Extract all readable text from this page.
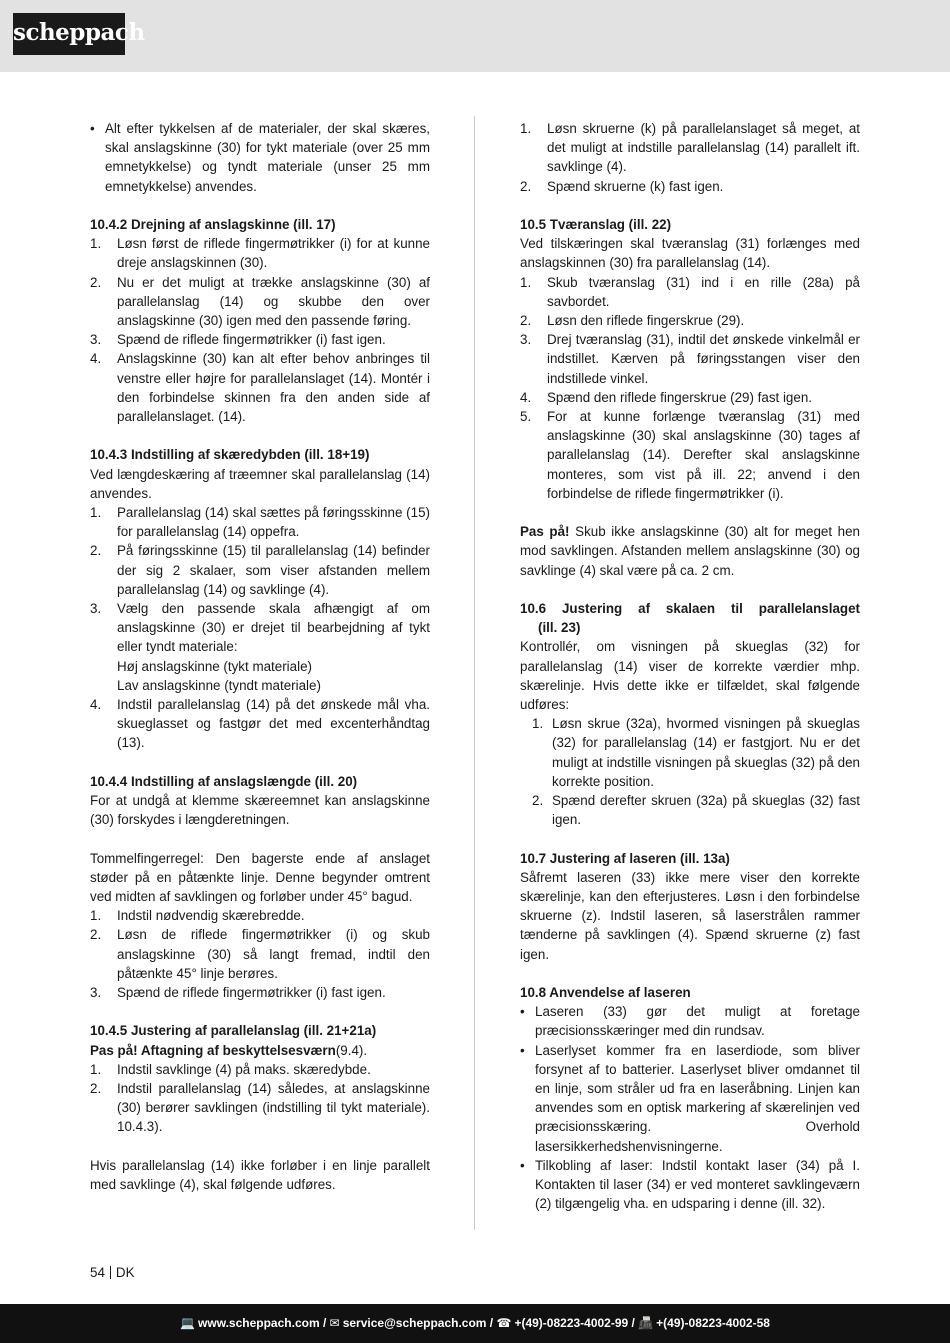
scheppach
• Alt efter tykkelsen af de materialer, der skal skæres, skal anslagskinne (30) for tykt materiale (over 25 mm emnetykkelse) og tyndt materiale (unser 25 mm emnetykkelse) anvendes.

10.4.2 Drejning af anslagskinne (ill. 17)

1.	Løsn først de riflede fingermøtrikker (i) for at kunne dreje anslagskinnen (30).
2.	Nu er det muligt at trække anslagskinne (30) af parallelanslag (14) og skubbe den over anslagskinne (30) igen med den passende føring.
3.	Spænd de riflede fingermøtrikker (i) fast igen.
4.	Anslagskinne (30) kan alt efter behov anbringes til venstre eller højre for parallelanslaget (14). Montér i den forbindelse skinnen fra den anden side af parallelanslaget. (14).

10.4.3 Indstilling af skæredybden (ill. 18+19)

Ved længdeskæring af træemner skal parallelanslag (14) anvendes.

1.	Parallelanslag (14) skal sættes på føringsskinne (15) for parallelanslag (14) oppefra.
2.	På føringsskinne (15) til parallelanslag (14) befinder der sig 2 skalaer, som viser afstanden mellem parallelanslag (14) og savklinge (4).
3.	Vælg den passende skala afhængigt af om anslagskinne (30) er drejet til bearbejdning af tykt eller tyndt materiale:

Høj anslagskinne (tykt materiale)

Lav anslagskinne (tyndt materiale)

4.	Indstil parallelanslag (14) på det ønskede mål vha. skueglasset og fastgør det med excenterhåndtag (13).

10.4.4 Indstilling af anslagslængde (ill. 20)

For at undgå at klemme skæreemnet kan anslagskinne (30) forskydes i længderetningen.

Tommelfingerregel: Den bagerste ende af anslaget støder på en påtænkte linje. Denne begynder omtrent ved midten af savklingen og forløber under 45° bagud.

1.	Indstil nødvendig skærebredde.
2.	Løsn de riflede fingermøtrikker (i) og skub anslagskinne (30) så langt fremad, indtil den påtænkte 45° linje berøres.
3.	Spænd de riflede fingermøtrikker (i) fast igen.

10.4.5 Justering af parallelanslag (ill. 21+21a)

Pas på! Aftagning af beskyttelsesværn(9.4).

1.	Indstil savklinge (4) på maks. skæredybde.
2.	Indstil parallelanslag (14) således, at anslagskinne (30) berører savklingen (indstilling til tykt materiale). 10.4.3).

Hvis parallelanslag (14) ikke forløber i en linje parallelt med savklinge (4), skal følgende udføres.

1.	Løsn skruerne (k) på parallelanslaget så meget, at det muligt at indstille parallelanslag (14) parallelt ift. savklinge (4).
2.	Spænd skruerne (k) fast igen.

10.5 Tværanslag (ill. 22)

Ved tilskæringen skal tværanslag (31) forlænges med anslagskinnen (30) fra parallelanslag (14).

1.	Skub tværanslag (31) ind i en rille (28a) på savbordet.
2.	Løsn den riflede fingerskrue (29).
3.	Drej tværanslag (31), indtil det ønskede vinkelmål er indstillet. Kærven på føringsstangen viser den indstillede vinkel.
4.	Spænd den riflede fingerskrue (29) fast igen.
5.	For at kunne forlænge tværanslag (31) med anslagskinne (30) skal anslagskinne (30) tages af parallelanslag (14). Derefter skal anslagskinne monteres, som vist på ill. 22; anvend i den forbindelse de riflede fingermøtrikker (i).

Pas på! Skub ikke anslagskinne (30) alt for meget hen mod savklingen. Afstanden mellem anslagskinne (30) og savklinge (4) skal være på ca. 2 cm.

10.6 Justering af skalaen til parallelanslaget

(ill. 23)

Kontrollér, om visningen på skueglas (32) for parallelanslag (14) viser de korrekte værdier mhp. skærelinje. Hvis dette ikke er tilfældet, skal følgende udføres:

1. Løsn skrue (32a), hvormed visningen på skueglas (32) for parallelanslag (14) er fastgjort. Nu er det muligt at indstille visningen på skueglas (32) på den korrekte position.
2. Spænd derefter skruen (32a) på skueglas (32) fast igen.

10.7 Justering af laseren (ill. 13a)

Såfremt laseren (33) ikke mere viser den korrekte skærelinje, kan den efterjusteres. Løsn i den forbindelse skruerne (z). Indstil laseren, så laserstrålen rammer tænderne på savklingen (4). Spænd skruerne (z) fast igen.

10.8 Anvendelse af laseren

• Laseren (33) gør det muligt at foretage præcisionsskæringer med din rundsav.
• Laserlyset kommer fra en laserdiode, som bliver forsynet af to batterier. Laserlyset bliver omdannet til en linje, som stråler ud fra en laseråbning. Linjen kan anvendes som en optisk markering af skærelinjen ved præcisionsskæring. Overhold lasersikkerhedshenvisningerne.
• Tilkobling af laser: Indstil kontakt laser (34) på I. Kontakten til laser (34) er ved monteret savklingeværn (2) tilgængelig vha. en udsparing i denne (ill. 32).
54 DK
💻 www.scheppach.com / ✉ service@scheppach.com / ☎ +(49)-08223-4002-99 / 📠 +(49)-08223-4002-58
